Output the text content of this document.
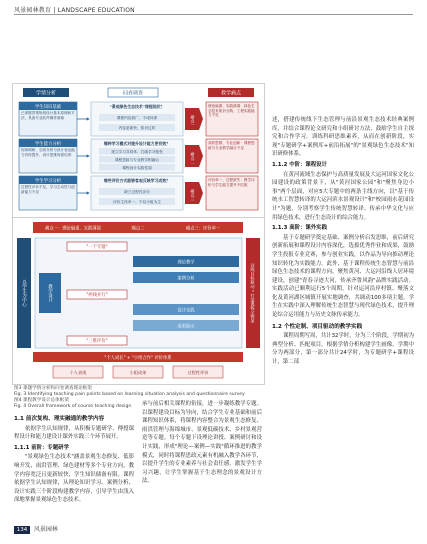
风景园林教育 | LANDSCAPE EDUCATION
学情分析	问卷调查	教学痛点
学生知识基础
已掌握景观规划设计基本原理和方法，具备专业软件操作基础
学生能力分析
现场调研、空间分析与设计表达能力有待提升，设计思维尚需培养
学生学习分析
过程性评价不足，学习主动性与创新能力不足
"景观绿色生态技术"课程现状？
课程内容面广、不成体系
内容更新快、知识过时
哪种学习模式对提升设计能力更有效？
建立学习共同体、打破学习壁垒
课程思政与专业教学相融合
课程设计实践性弱
哪些评价方式能够客观反映学习成效？
缺乏过程性评价
评价主体单一、不以小组为主
痛点一
痛点二
痛点三
理论偏重、实践薄弱：绿色生态技术知识分散，工程实践能力不足
高阶思维、专业创新：课程思政与专业教学融合不足
评价单一、过程缺失：教学评价与学生能力提升不匹配
痛点一：理论偏重、实践薄弱	痛点二	痛点三：评价单一
以学生为中心	双线目标驱动 • 打造课程全链条
教学设计
"一个专题"
"两线并行"
"三维评价"
理论教学
案例分析
设计实践
成果展示
"个人成长" + "小组合作" 评价体系
个人表现	小组成果	过程性评价
图3 课题学情分析和问卷调查理论框架
Fig. 3 Identifying teaching pain points based on learning situation analysis and questionnaire survey
图4 课程教学设计总体框架
Fig. 4 Overall framework of course teaching design
1.1 前次复构、理实融通的教学内容

依据学生认知规律，从积极专题研学、傳授课程设计和能力建设计课外实践三个环节展开。

1.1.1 前阶：专题研学

"景观绿色生态技术"涵盖景观生态修复、低影响开发、雨洪管理、绿色建材等多个专业方向，教学内容宽泛且更新较快，学生知识储备有限。课程依据学生认知规律，从理论知识学习、案例分析、设计实践三个阶段构建教学内容，引导学生由浅入深地掌握景观绿色生态技术。

承与前后相关课程的衔接，进一步凝练教学专题。以课程建设目标为导向，结合学生专业基础和前后课程知识体系，将课程内容整合为景观生态修复、雨洪管理与海绵城市、景观低碳技术、乡村景观营造等专题。每个专题下设理论讲授、案例研讨和设计实践，形成"理论—案例—实践"循环推进的教学模式，同时将课程思政元素有机融入教学各环节，以提升学生的专业素养与社会责任感，激发学生学习兴趣，让学生掌握基于生态理念的景观设计方法。

述，搭建传统线下生态管理与前沿景观生态技术经典案例库，并结合课程论文研究和小组研讨方法，鼓励学生自主探究和合作学习，训练科研思维素养，从而在创新阶段，实现"专题研学+案例库+前沿拓展"的"景观绿色生态技术"知识研修体系。

1.1.2 中阶：课程设计

在黄河流域生态保护与高质量发展及大运河国家文化公园建设的政策背景下，从"黄河国家公园"和"聚焦身边小事"两个层面，对应5大专题中的两条主线方向，以"基于传统水工智慧转译的大运河滨水景观设计"和"校园雨水花园设计"为题，分别考察学生传统智慧转译、传承中华文化与应用绿色技术，进行生态设计的综合能力。

1.1.3 高阶：课外实践

基于专题研学奠定基础、案例分析启发思维，前后研究创新拓展和课程设计内容深化，选拔优秀作业和成果，鼓励学生投报专业竞赛，参与创业实践，以作品为导向推动理论知识转化为实践能力。此外，基于课程传统生态智慧与前沿绿色生态技术的课程方向，聚焦黄河、大运河沿线人居环境建设，创建"青春寻迹大河，传承齐鲁风韵"品牌实践活动。实践活动已顺利运行5个周期，针对运河沿岸村镇、聚落文化及黄河湖区城镇开展实地调查，共调动100多项主题，学生在实践中深入理解传统生态智慧与现代绿色技术，提升理论综合运用能力与历史文脉传承能力。

1.2 个性定制、项目驱动的教学实践

课程周期写周，共计32学时，分为三个阶段，学期初为典型分析、匹配项目，根据学情分析构建学生画像，学期中分为两部分，第一部分共计24学时，为专题研学+课程设计，第二部

134 风景园林
